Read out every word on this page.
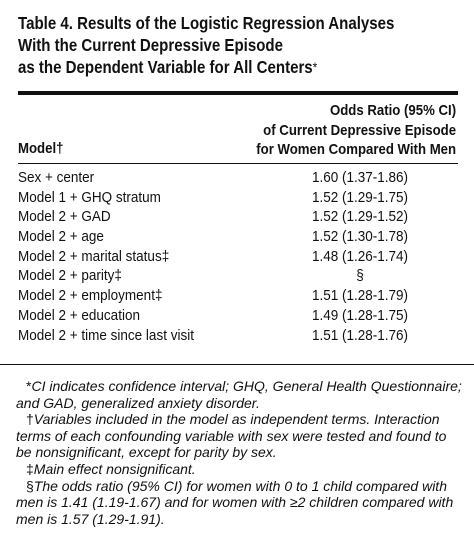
Table 4. Results of the Logistic Regression Analyses
With the Current Depressive Episode
as the Dependent Variable for All Centers*
Odds Ratio (95% CI)
of Current Depressive Episode
for Women Compared With Men
Model†
Sex + center	1.60 (1.37-1.86)
Model 1 + GHQ stratum	1.52 (1.29-1.75)
Model 2 + GAD	1.52 (1.29-1.52)
Model 2 + age	1.52 (1.30-1.78)
Model 2 + marital status‡	1.48 (1.26-1.74)
Model 2 + parity‡	§
Model 2 + employment‡	1.51 (1.28-1.79)
Model 2 + education	1.49 (1.28-1.75)
Model 2 + time since last visit	1.51 (1.28-1.76)

*CI indicates confidence interval; GHQ, General Health Questionnaire; and GAD, generalized anxiety disorder.

†Variables included in the model as independent terms. Interaction terms of each confounding variable with sex were tested and found to be nonsignificant, except for parity by sex.

‡Main effect nonsignificant.

§The odds ratio (95% CI) for women with 0 to 1 child compared with men is 1.41 (1.19-1.67) and for women with ≥2 children compared with men is 1.57 (1.29-1.91).
